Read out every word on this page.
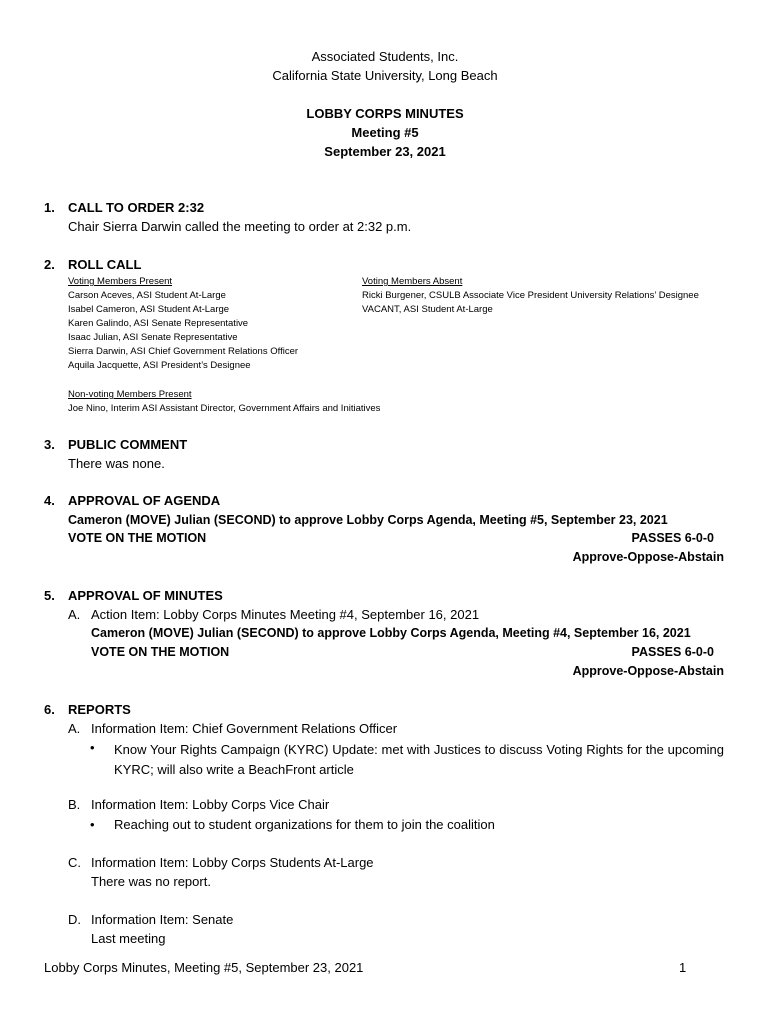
Associated Students, Inc.
California State University, Long Beach
LOBBY CORPS MINUTES
Meeting #5
September 23, 2021
1. CALL TO ORDER 2:32
Chair Sierra Darwin called the meeting to order at 2:32 p.m.
2. ROLL CALL
Voting Members Present
Carson Aceves, ASI Student At-Large
Isabel Cameron, ASI Student At-Large
Karen Galindo, ASI Senate Representative
Isaac Julian, ASI Senate Representative
Sierra Darwin, ASI Chief Government Relations Officer
Aquila Jacquette, ASI President’s Designee
Voting Members Absent
Ricki Burgener, CSULB Associate Vice President University Relations’ Designee
VACANT, ASI Student At-Large
Non-voting Members Present
Joe Nino, Interim ASI Assistant Director, Government Affairs and Initiatives
3. PUBLIC COMMENT
There was none.
4. APPROVAL OF AGENDA
Cameron (MOVE) Julian (SECOND) to approve Lobby Corps Agenda, Meeting #5, September 23, 2021
VOTE ON THE MOTION	PASSES 6-0-0
Approve-Oppose-Abstain
5. APPROVAL OF MINUTES
A. Action Item: Lobby Corps Minutes Meeting #4, September 16, 2021
Cameron (MOVE) Julian (SECOND) to approve Lobby Corps Agenda, Meeting #4, September 16, 2021
VOTE ON THE MOTION	PASSES 6-0-0
Approve-Oppose-Abstain
6. REPORTS
A. Information Item: Chief Government Relations Officer
• Know Your Rights Campaign (KYRC) Update: met with Justices to discuss Voting Rights for the upcoming KYRC; will also write a BeachFront article
B. Information Item: Lobby Corps Vice Chair
• Reaching out to student organizations for them to join the coalition
C. Information Item: Lobby Corps Students At-Large
There was no report.
D. Information Item: Senate
Last meeting
Lobby Corps Minutes, Meeting #5, September 23, 2021	1
